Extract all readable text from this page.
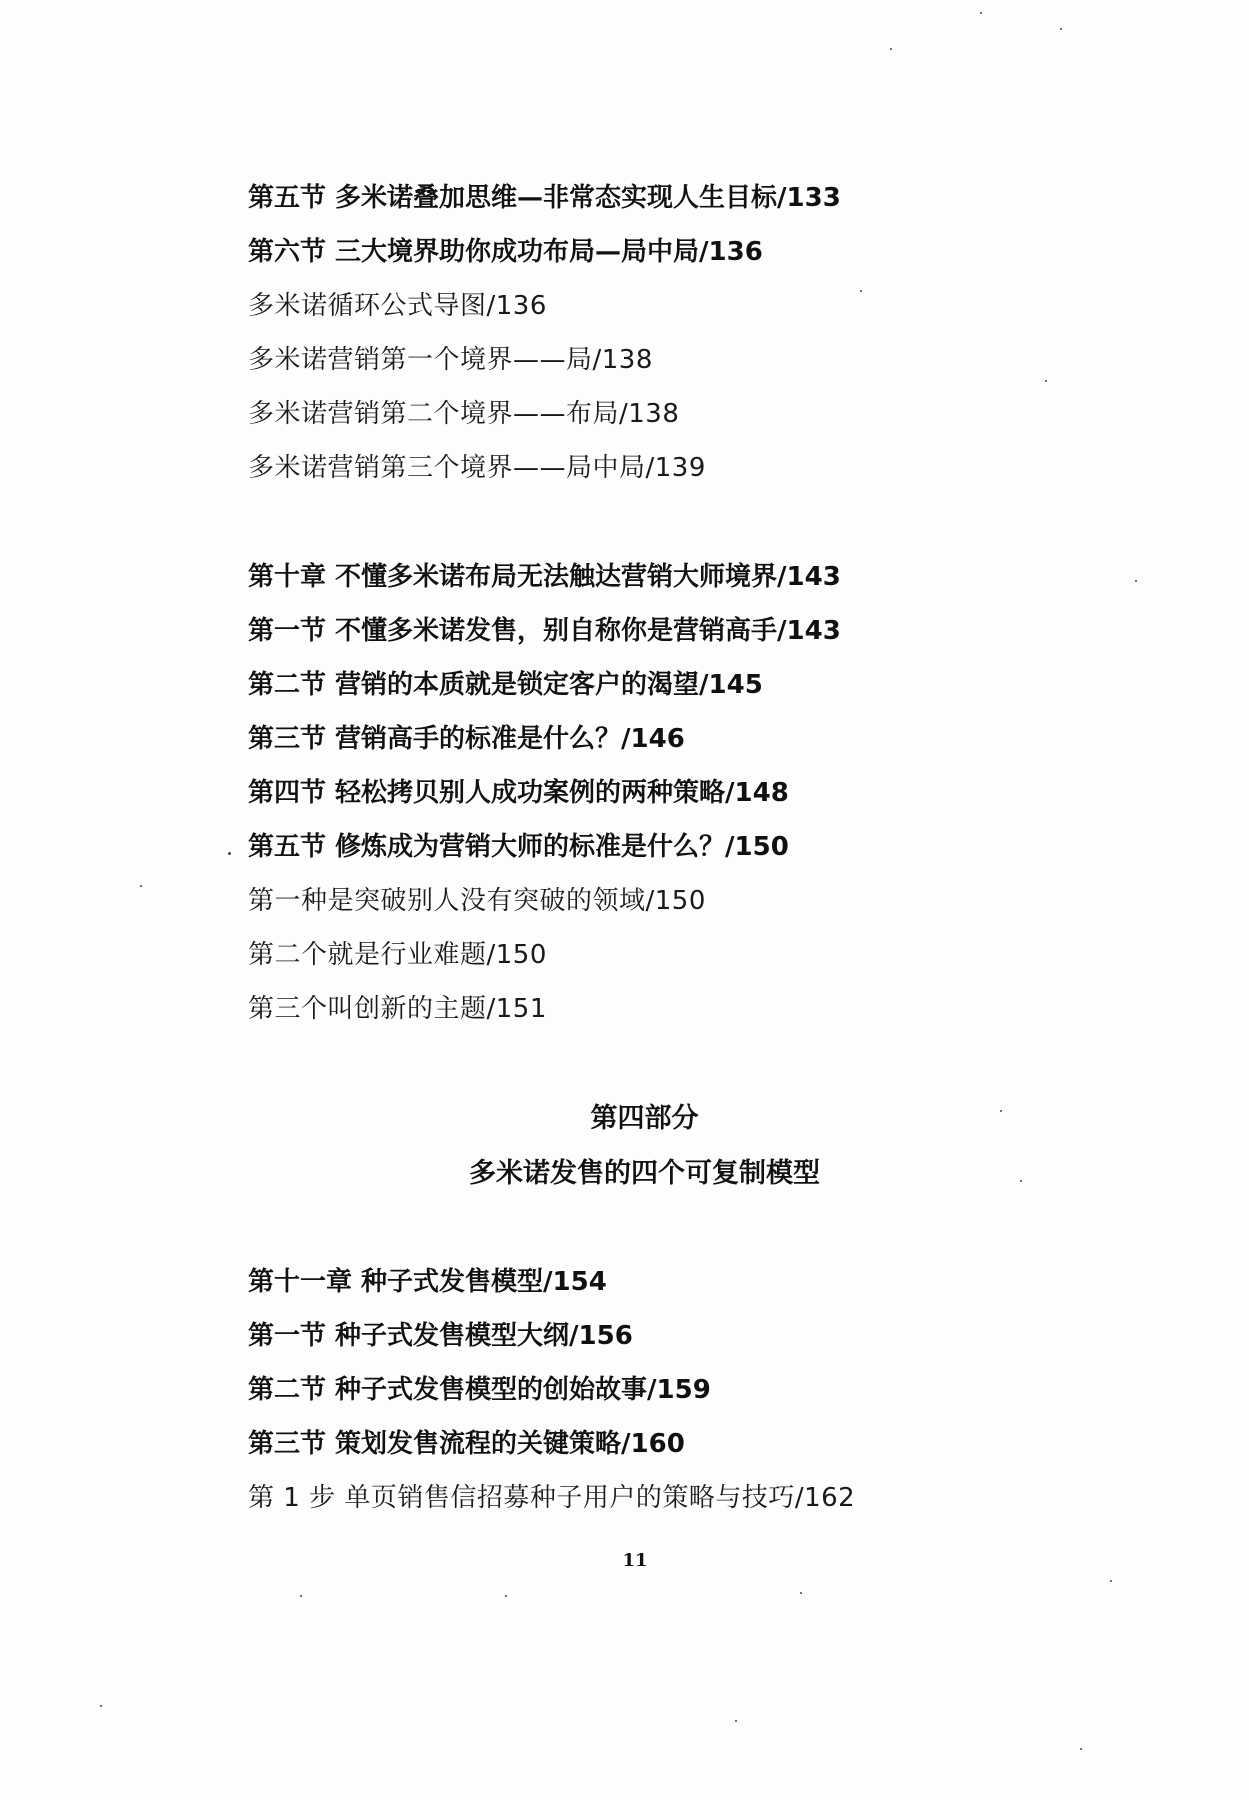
第五节 多米诺叠加思维—非常态实现人生目标/133
第六节 三大境界助你成功布局—局中局/136
多米诺循环公式导图/136
多米诺营销第一个境界——局/138
多米诺营销第二个境界——布局/138
多米诺营销第三个境界——局中局/139
第十章 不懂多米诺布局无法触达营销大师境界/143
第一节 不懂多米诺发售，别自称你是营销高手/143
第二节 营销的本质就是锁定客户的渴望/145
第三节 营销高手的标准是什么？/146
第四节 轻松拷贝别人成功案例的两种策略/148
第五节 修炼成为营销大师的标准是什么？/150
第一种是突破别人没有突破的领域/150
第二个就是行业难题/150
第三个叫创新的主题/151
第四部分
多米诺发售的四个可复制模型
第十一章 种子式发售模型/154
第一节 种子式发售模型大纲/156
第二节 种子式发售模型的创始故事/159
第三节 策划发售流程的关键策略/160
第 1 步 单页销售信招募种子用户的策略与技巧/162
11
